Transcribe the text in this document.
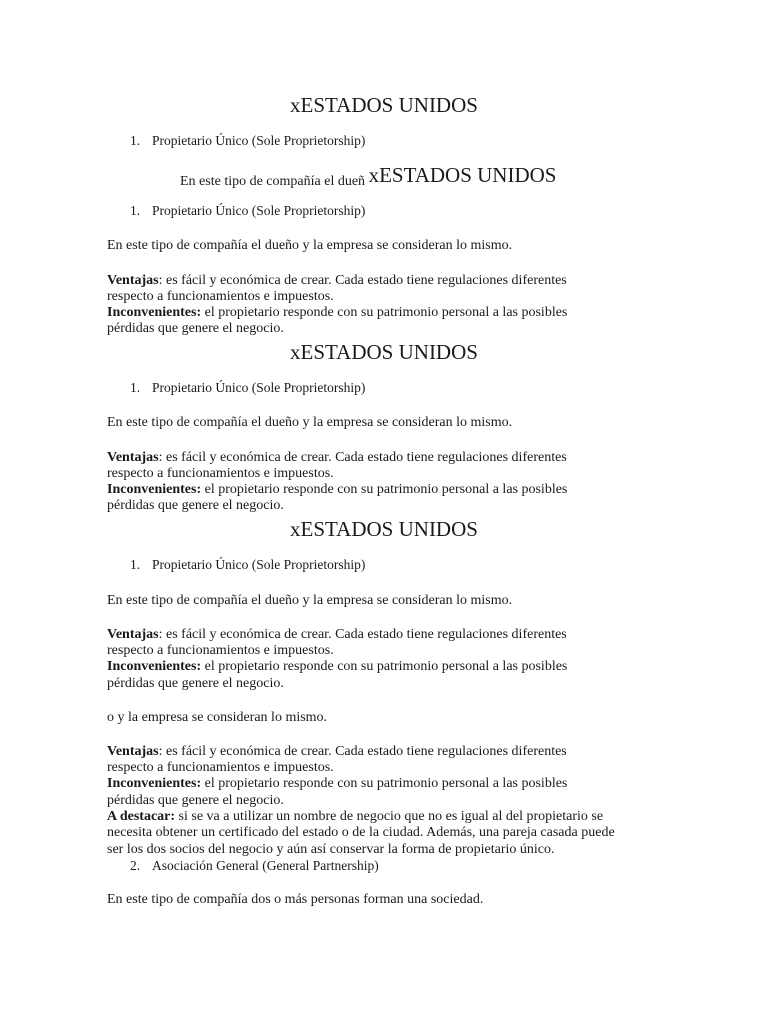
xESTADOS UNIDOS
1. Propietario Único (Sole Proprietorship)
En este tipo de compañía el dueñ xESTADOS UNIDOS
1. Propietario Único (Sole Proprietorship)
En este tipo de compañía el dueño y la empresa se consideran lo mismo.
Ventajas: es fácil y económica de crear. Cada estado tiene regulaciones diferentes
respecto a funcionamientos e impuestos.
Inconvenientes: el propietario responde con su patrimonio personal a las posibles
pérdidas que genere el negocio.
xESTADOS UNIDOS
1. Propietario Único (Sole Proprietorship)
En este tipo de compañía el dueño y la empresa se consideran lo mismo.
Ventajas: es fácil y económica de crear. Cada estado tiene regulaciones diferentes
respecto a funcionamientos e impuestos.
Inconvenientes: el propietario responde con su patrimonio personal a las posibles
pérdidas que genere el negocio.
xESTADOS UNIDOS
1. Propietario Único (Sole Proprietorship)
En este tipo de compañía el dueño y la empresa se consideran lo mismo.
Ventajas: es fácil y económica de crear. Cada estado tiene regulaciones diferentes
respecto a funcionamientos e impuestos.
Inconvenientes: el propietario responde con su patrimonio personal a las posibles
pérdidas que genere el negocio.
o y la empresa se consideran lo mismo.
Ventajas: es fácil y económica de crear. Cada estado tiene regulaciones diferentes
respecto a funcionamientos e impuestos.
Inconvenientes: el propietario responde con su patrimonio personal a las posibles
pérdidas que genere el negocio.
A destacar: si se va a utilizar un nombre de negocio que no es igual al del propietario se
necesita obtener un certificado del estado o de la ciudad. Además, una pareja casada puede
ser los dos socios del negocio y aún así conservar la forma de propietario único.
2. Asociación General (General Partnership)
En este tipo de compañía dos o más personas forman una sociedad.
